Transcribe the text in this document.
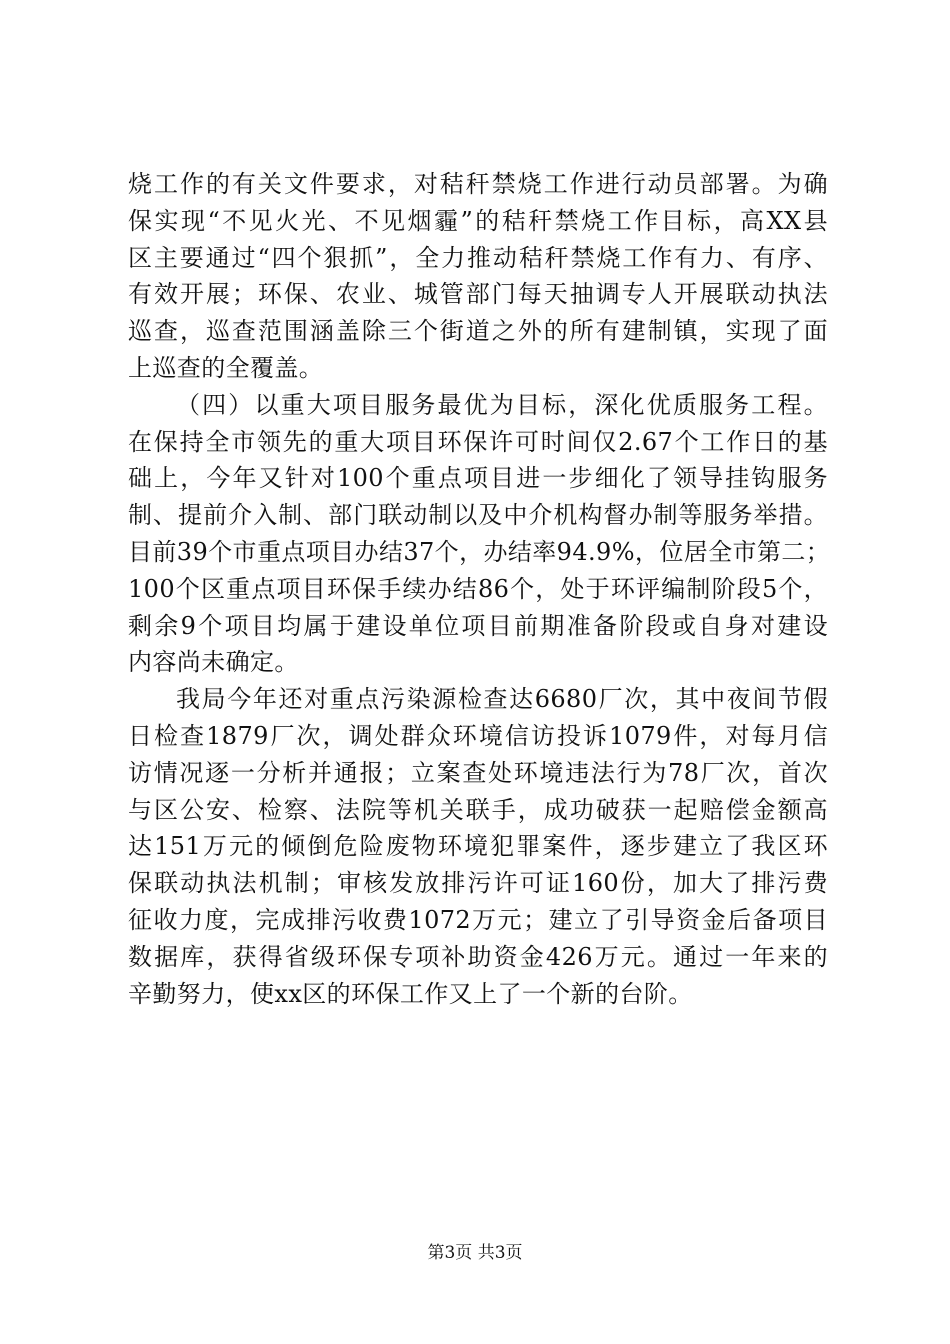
烧工作的有关文件要求，对秸秆禁烧工作进行动员部署。为确
保实现“不见火光、不见烟霾”的秸秆禁烧工作目标，高XX县
区主要通过“四个狠抓”，全力推动秸秆禁烧工作有力、有序、
有效开展；环保、农业、城管部门每天抽调专人开展联动执法
巡查，巡查范围涵盖除三个街道之外的所有建制镇，实现了面
上巡查的全覆盖。
（四）以重大项目服务最优为目标，深化优质服务工程。
在保持全市领先的重大项目环保许可时间仅2.67个工作日的基
础上，今年又针对100个重点项目进一步细化了领导挂钩服务
制、提前介入制、部门联动制以及中介机构督办制等服务举措。
目前39个市重点项目办结37个，办结率94.9%，位居全市第二；
100个区重点项目环保手续办结86个，处于环评编制阶段5个，
剩余9个项目均属于建设单位项目前期准备阶段或自身对建设
内容尚未确定。
我局今年还对重点污染源检查达6680厂次，其中夜间节假
日检查1879厂次，调处群众环境信访投诉1079件，对每月信
访情况逐一分析并通报；立案查处环境违法行为78厂次，首次
与区公安、检察、法院等机关联手，成功破获一起赔偿金额高
达151万元的倾倒危险废物环境犯罪案件，逐步建立了我区环
保联动执法机制；审核发放排污许可证160份，加大了排污费
征收力度，完成排污收费1072万元；建立了引导资金后备项目
数据库，获得省级环保专项补助资金426万元。通过一年来的
辛勤努力，使xx区的环保工作又上了一个新的台阶。
第3页 共3页
